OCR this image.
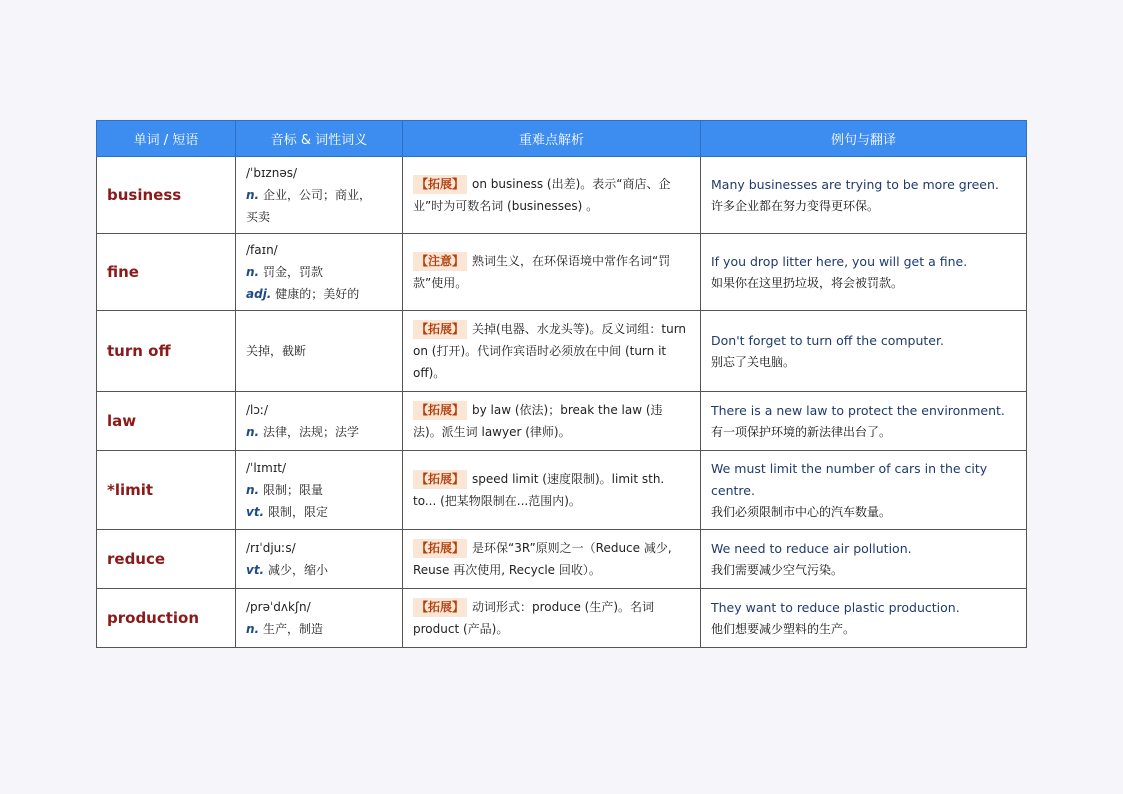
单词 / 短语	音标 & 词性词义	重难点解析	例句与翻译
business	/ˈbɪznəs/
n. 企业，公司；商业，
买卖	【拓展】 on business (出差)。表示“商店、企业”时为可数名词 (businesses) 。	Many businesses are trying to be more green.
许多企业都在努力变得更环保。

fine	/faɪn/
n. 罚金，罚款
adj. 健康的；美好的	【注意】 熟词生义，在环保语境中常作名词“罚款”使用。	If you drop litter here, you will get a fine.
如果你在这里扔垃圾，将会被罚款。

turn off	关掉，截断	【拓展】 关掉(电器、水龙头等)。反义词组：turn on (打开)。代词作宾语时必须放在中间 (turn it off)。	Don't forget to turn off the computer.
别忘了关电脑。

law	/lɔː/
n. 法律，法规；法学	【拓展】 by law (依法)；break the law (违法)。派生词 lawyer (律师)。	There is a new law to protect the environment.
有一项保护环境的新法律出台了。

*limit	/ˈlɪmɪt/
n. 限制；限量
vt. 限制，限定	【拓展】 speed limit (速度限制)。limit sth. to... (把某物限制在...范围内)。	We must limit the number of cars in the city centre.
我们必须限制市中心的汽车数量。

reduce	/rɪˈdjuːs/
vt. 减少，缩小	【拓展】 是环保“3R”原则之一（Reduce 减少, Reuse 再次使用, Recycle 回收）。	We need to reduce air pollution.
我们需要减少空气污染。

production	/prəˈdʌkʃn/
n. 生产，制造	【拓展】 动词形式：produce (生产)。名词 product (产品)。	They want to reduce plastic production.
他们想要减少塑料的生产。
